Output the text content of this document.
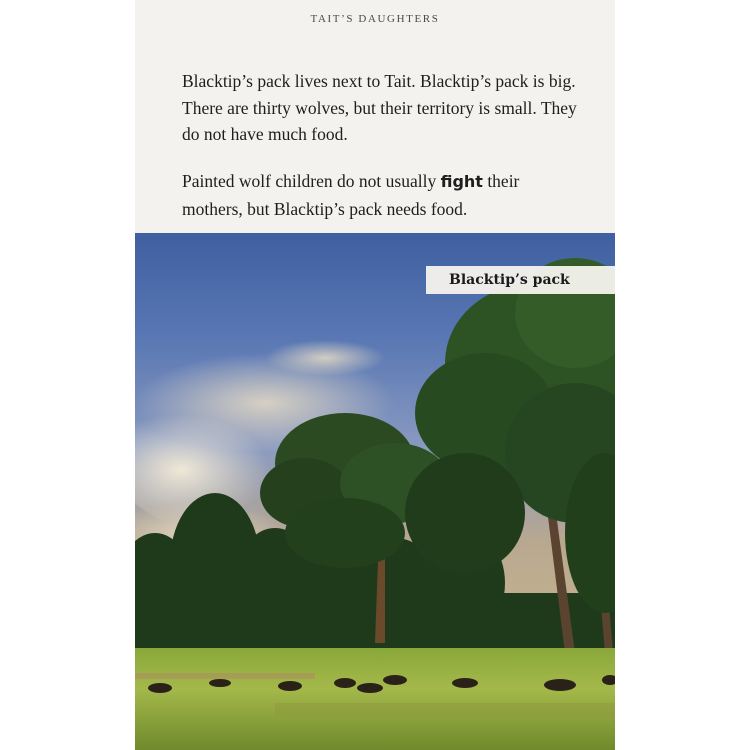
TAIT’S DAUGHTERS
Blacktip’s pack lives next to Tait. Blacktip’s pack is big. There are thirty wolves, but their territory is small. They do not have much food.
Painted wolf children do not usually fight their mothers, but Blacktip’s pack needs food.
Blacktip’s pack
